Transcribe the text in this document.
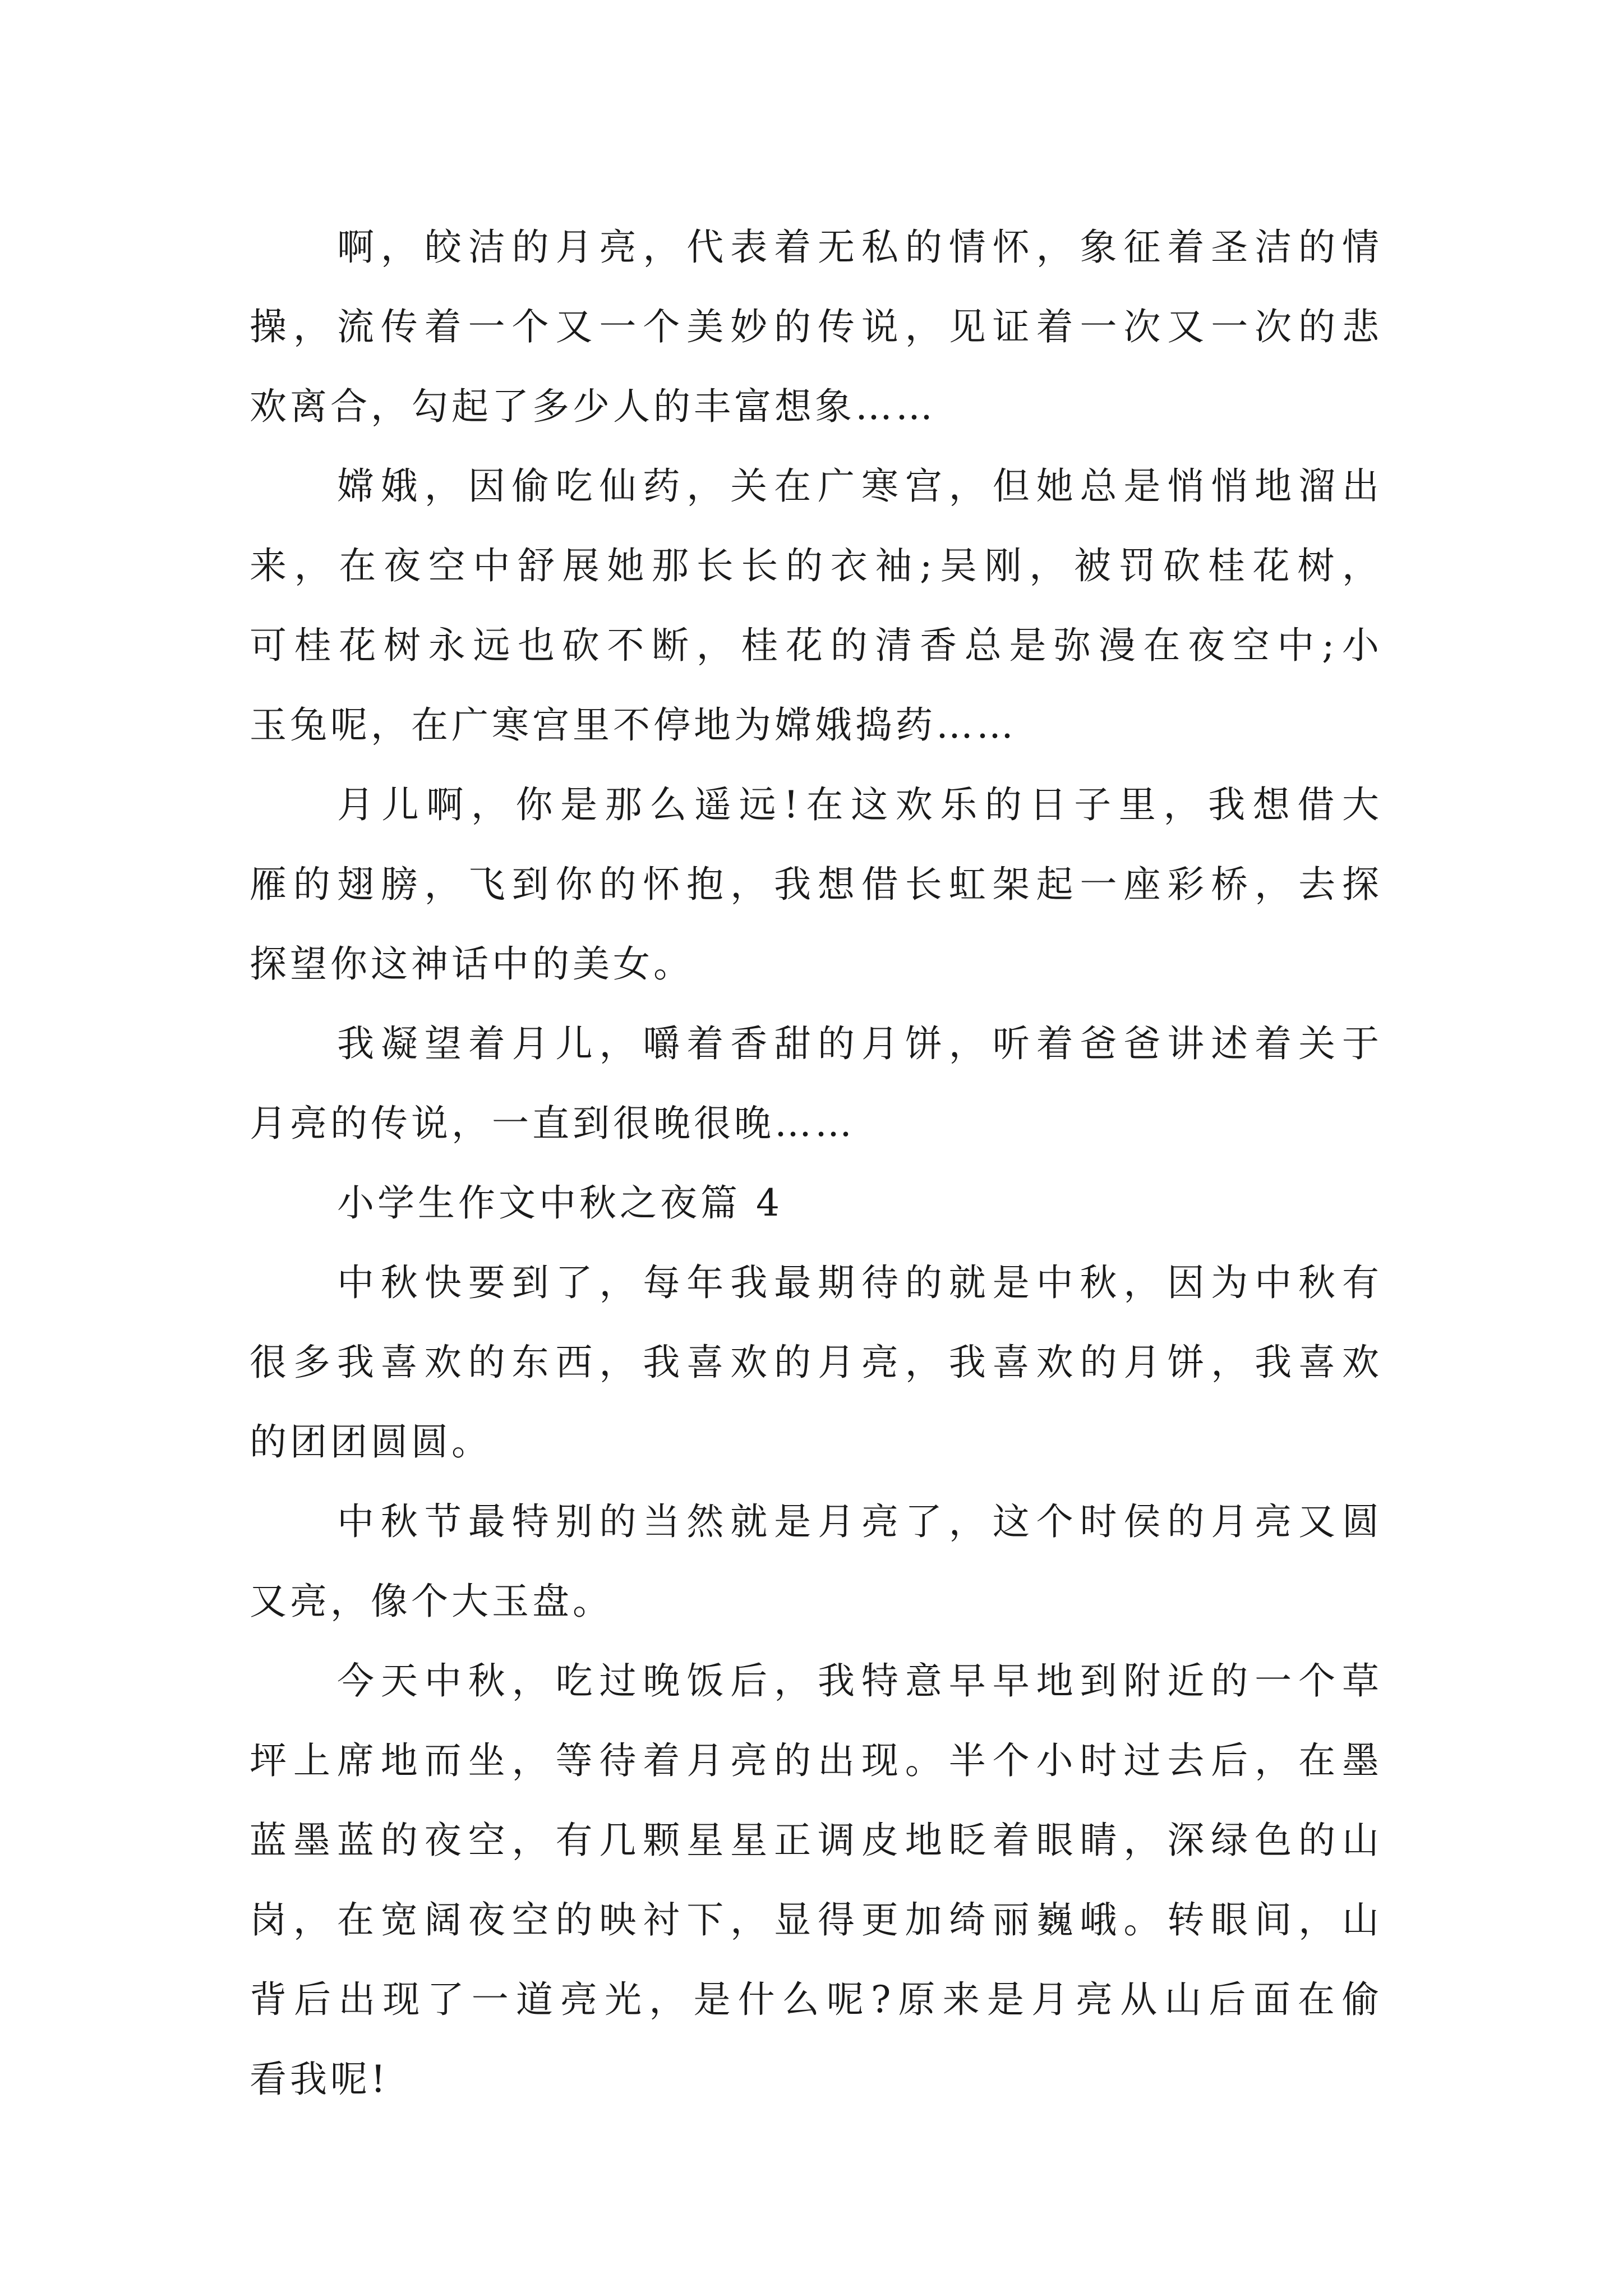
啊，皎洁的月亮，代表着无私的情怀，象征着圣洁的情
操，流传着一个又一个美妙的传说，见证着一次又一次的悲
欢离合，勾起了多少人的丰富想象……
嫦娥，因偷吃仙药，关在广寒宫，但她总是悄悄地溜出
来，在夜空中舒展她那长长的衣袖;吴刚，被罚砍桂花树，
可桂花树永远也砍不断，桂花的清香总是弥漫在夜空中;小
玉兔呢，在广寒宫里不停地为嫦娥捣药……
月儿啊，你是那么遥远!在这欢乐的日子里，我想借大
雁的翅膀，飞到你的怀抱，我想借长虹架起一座彩桥，去探
探望你这神话中的美女。
我凝望着月儿，嚼着香甜的月饼，听着爸爸讲述着关于
月亮的传说，一直到很晚很晚……
小学生作文中秋之夜篇 4
中秋快要到了，每年我最期待的就是中秋，因为中秋有
很多我喜欢的东西，我喜欢的月亮，我喜欢的月饼，我喜欢
的团团圆圆。
中秋节最特别的当然就是月亮了，这个时侯的月亮又圆
又亮，像个大玉盘。
今天中秋，吃过晚饭后，我特意早早地到附近的一个草
坪上席地而坐，等待着月亮的出现。半个小时过去后，在墨
蓝墨蓝的夜空，有几颗星星正调皮地眨着眼睛，深绿色的山
岗，在宽阔夜空的映衬下，显得更加绮丽巍峨。转眼间，山
背后出现了一道亮光，是什么呢?原来是月亮从山后面在偷
看我呢!
